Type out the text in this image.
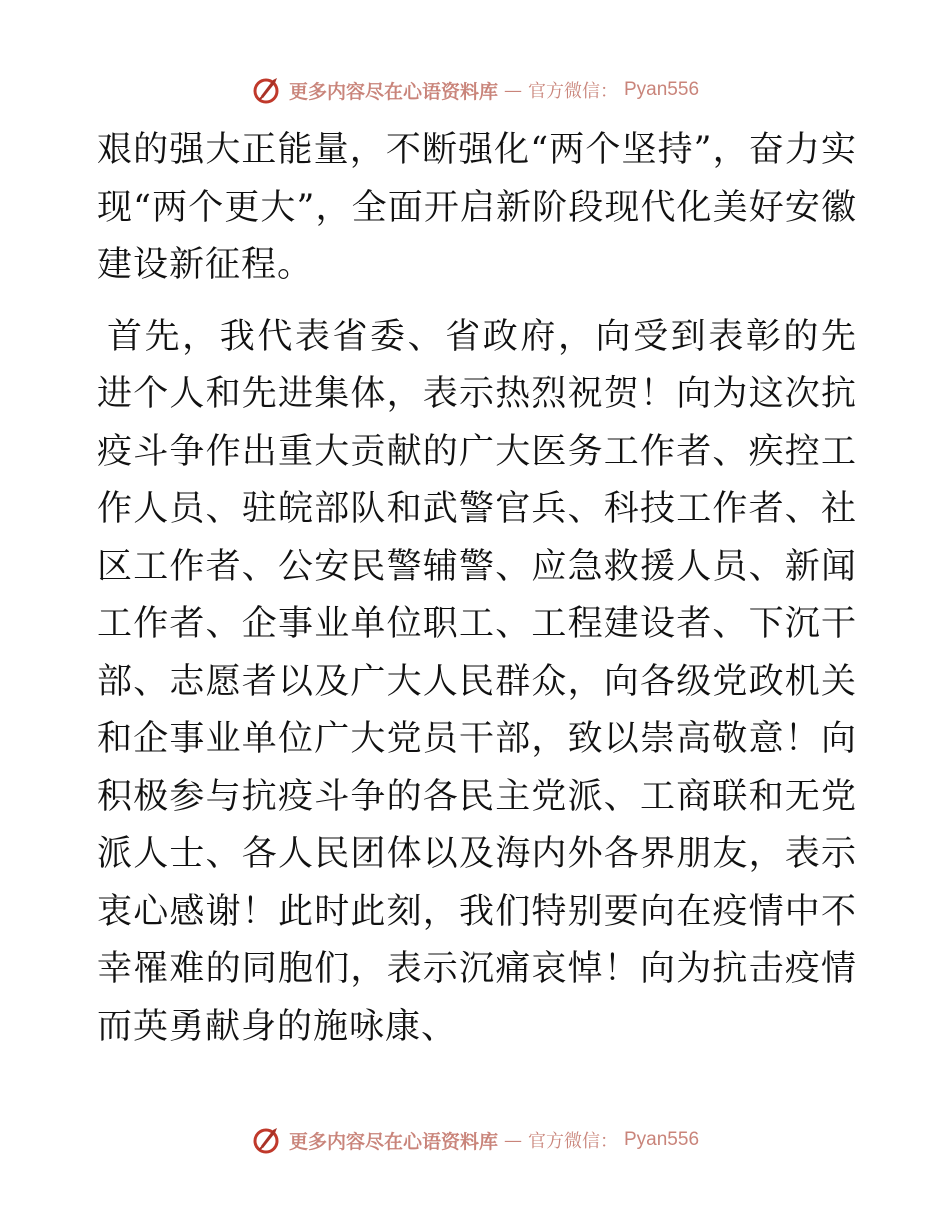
更多内容尽在心语资料库 — 官方微信： Pyan556

艰的强大正能量，不断强化“两个坚持”，奋力实现“两个更大”，全面开启新阶段现代化美好安徽建设新征程。

首先，我代表省委、省政府，向受到表彰的先进个人和先进集体，表示热烈祝贺！向为这次抗疫斗争作出重大贡献的广大医务工作者、疾控工作人员、驻皖部队和武警官兵、科技工作者、社区工作者、公安民警辅警、应急救援人员、新闻工作者、企事业单位职工、工程建设者、下沉干部、志愿者以及广大人民群众，向各级党政机关和企事业单位广大党员干部，致以崇高敬意！向积极参与抗疫斗争的各民主党派、工商联和无党派人士、各人民团体以及海内外各界朋友，表示衷心感谢！此时此刻，我们特别要向在疫情中不幸罹难的同胞们，表示沉痛哀悼！向为抗击疫情而英勇献身的施咏康、

更多内容尽在心语资料库 — 官方微信： Pyan556
